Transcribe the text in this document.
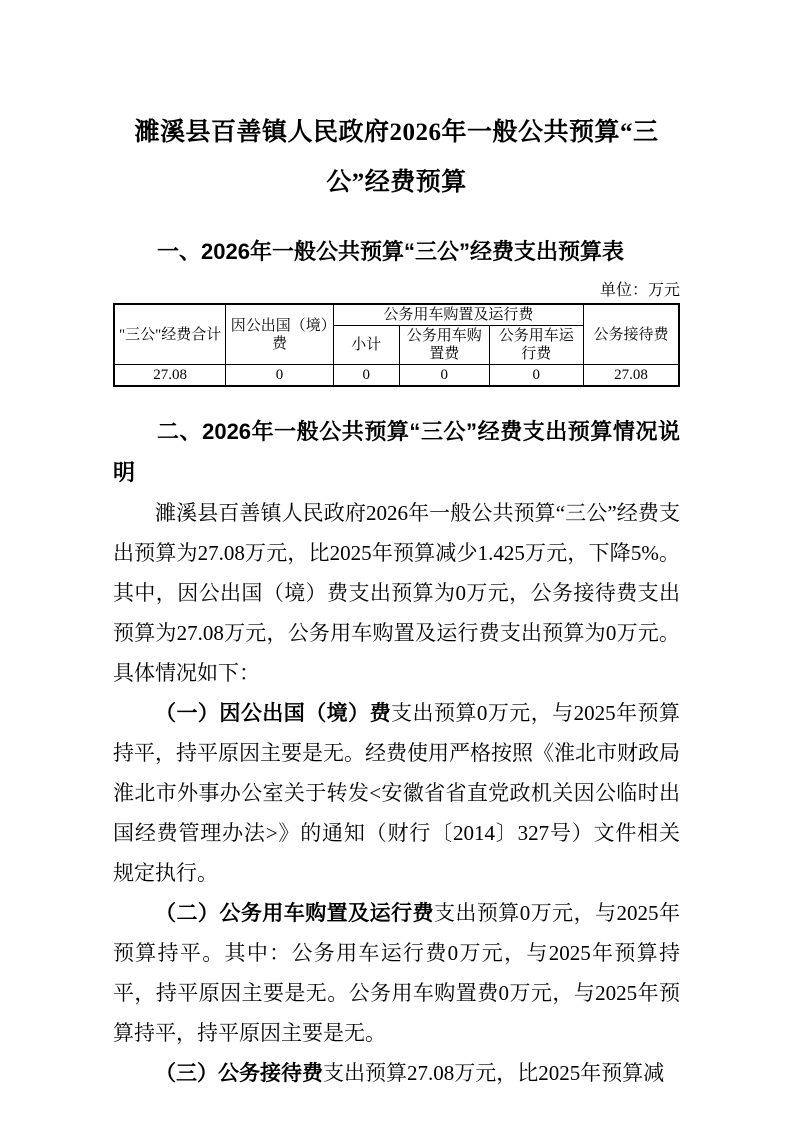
濉溪县百善镇人民政府2026年一般公共预算“三公”经费预算
一、2026年一般公共预算“三公”经费支出预算表
单位：万元
"三公"经费合计	因公出国（境）费	公务用车购置及运行费			公务接待费
		小计	公务用车购置费	公务用车运行费	
27.08	0	0	0	0	27.08
二、2026年一般公共预算“三公”经费支出预算情况说明

濉溪县百善镇人民政府2026年一般公共预算“三公”经费支出预算为27.08万元，比2025年预算减少1.425万元，下降5%。其中，因公出国（境）费支出预算为0万元，公务接待费支出预算为27.08万元，公务用车购置及运行费支出预算为0万元。具体情况如下：

（一）因公出国（境）费支出预算0万元，与2025年预算持平，持平原因主要是无。经费使用严格按照《淮北市财政局　淮北市外事办公室关于转发<安徽省省直党政机关因公临时出国经费管理办法>》的通知（财行〔2014〕327号）文件相关规定执行。

（二）公务用车购置及运行费支出预算0万元，与2025年预算持平。其中：公务用车运行费0万元，与2025年预算持平，持平原因主要是无。公务用车购置费0万元，与2025年预算持平，持平原因主要是无。

（三）公务接待费支出预算27.08万元，比2025年预算减
